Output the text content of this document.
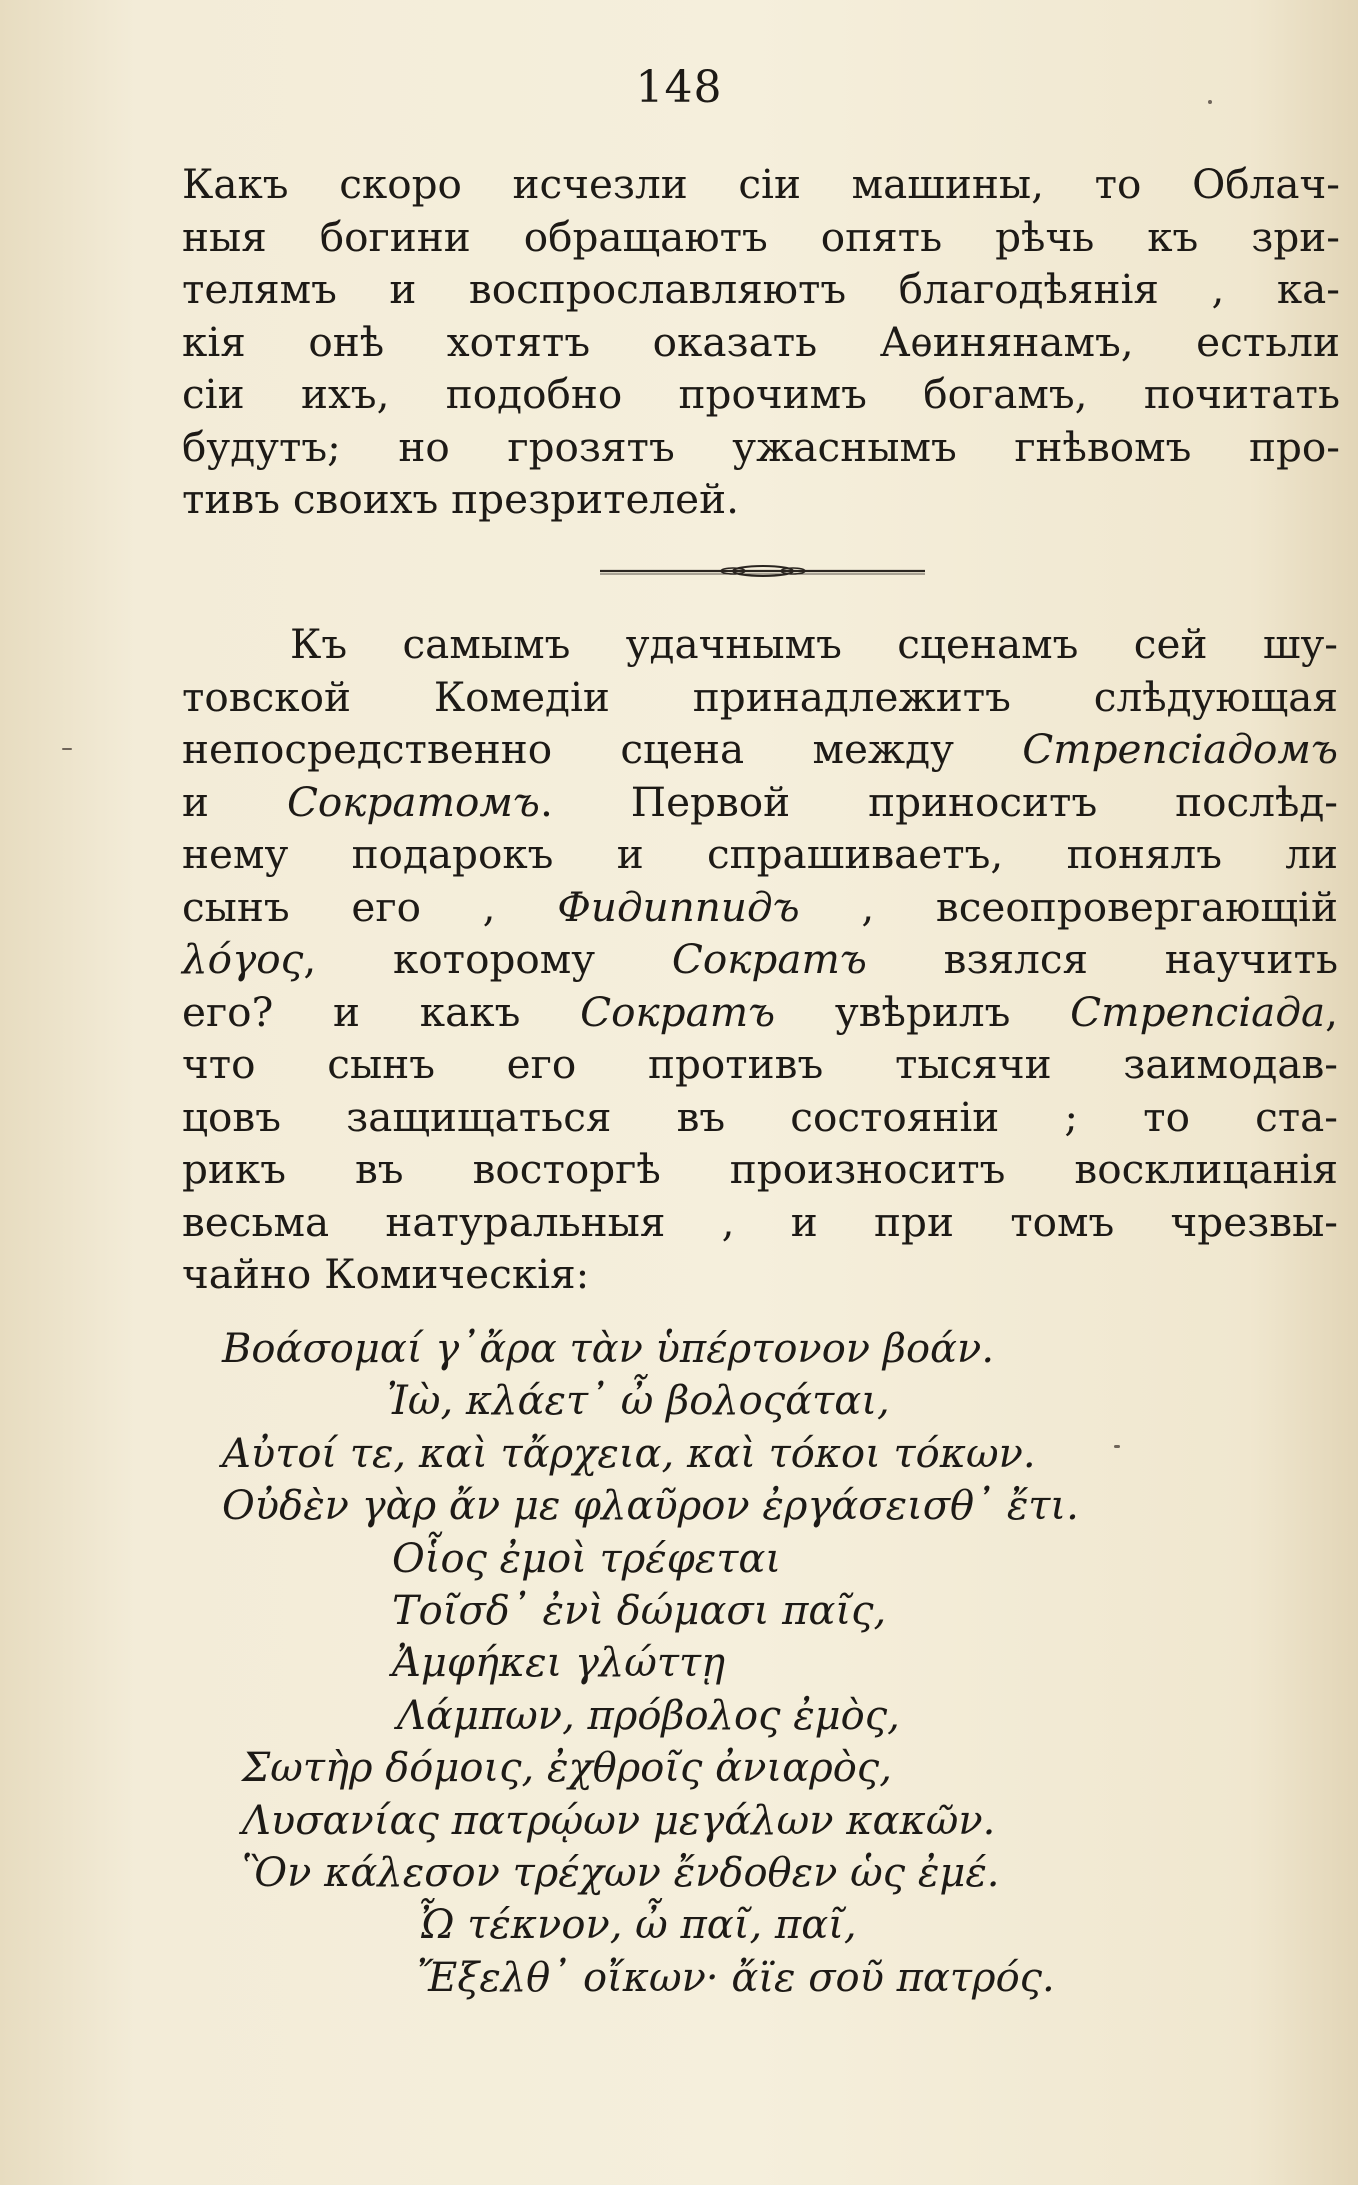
148
Какъ скоро исчезли сіи машины, то Облач-
ныя богини обращаютъ опять рѣчь къ зри-
телямъ и воспрославляютъ благодѣянія , ка-
кія онѣ хотятъ оказать Аѳинянамъ, естьли
сіи ихъ, подобно прочимъ богамъ, почитать
будутъ; но грозятъ ужаснымъ гнѣвомъ про-
тивъ своихъ презрителей.
Къ самымъ удачнымъ сценамъ сей шу-
товской Комедіи принадлежитъ слѣдующая
непосредственно сцена между Стрепсіадомъ
и Сократомъ. Первой приноситъ послѣд-
нему подарокъ и спрашиваетъ, понялъ ли
сынъ его , Фидиппидъ , всеопровергающій
λόγος, которому Сократъ взялся научить
его? и какъ Сократъ увѣрилъ Стрепсіада,
что сынъ его противъ тысячи заимодав-
цовъ защищаться въ состояніи ; то ста-
рикъ въ восторгѣ произноситъ восклицанія
весьма натуральныя , и при томъ чрезвы-
чайно Комическія:
Βοάσομαί γ᾽ἄρα τὰν ὑπέρτονον βοάν.
Ἰὼ, κλάετ᾽ ὦ βολοςάται,
Αὐτοί τε, καὶ τἄρχεια, καὶ τόκοι τόκων.
Οὐδὲν γὰρ ἄν με φλαῦρον ἐργάσεισθ᾽ ἔτι.
Οἷος ἐμοὶ τρέφεται
Τοῖσδ᾽ ἐνὶ δώμασι παῖς,
Ἀμφήκει γλώττῃ
Λάμπων, πρόβολος ἐμὸς,
Σωτὴρ δόμοις, ἐχθροῖς ἀνιαρὸς,
Λυσανίας πατρῴων μεγάλων κακῶν.
Ὃν κάλεσον τρέχων ἔνδοθεν ὡς ἐμέ.
Ὦ τέκνον, ὦ παῖ, παῖ,
Ἔξελθ᾽ οἴκων· ἄϊε σοῦ πατρός.
